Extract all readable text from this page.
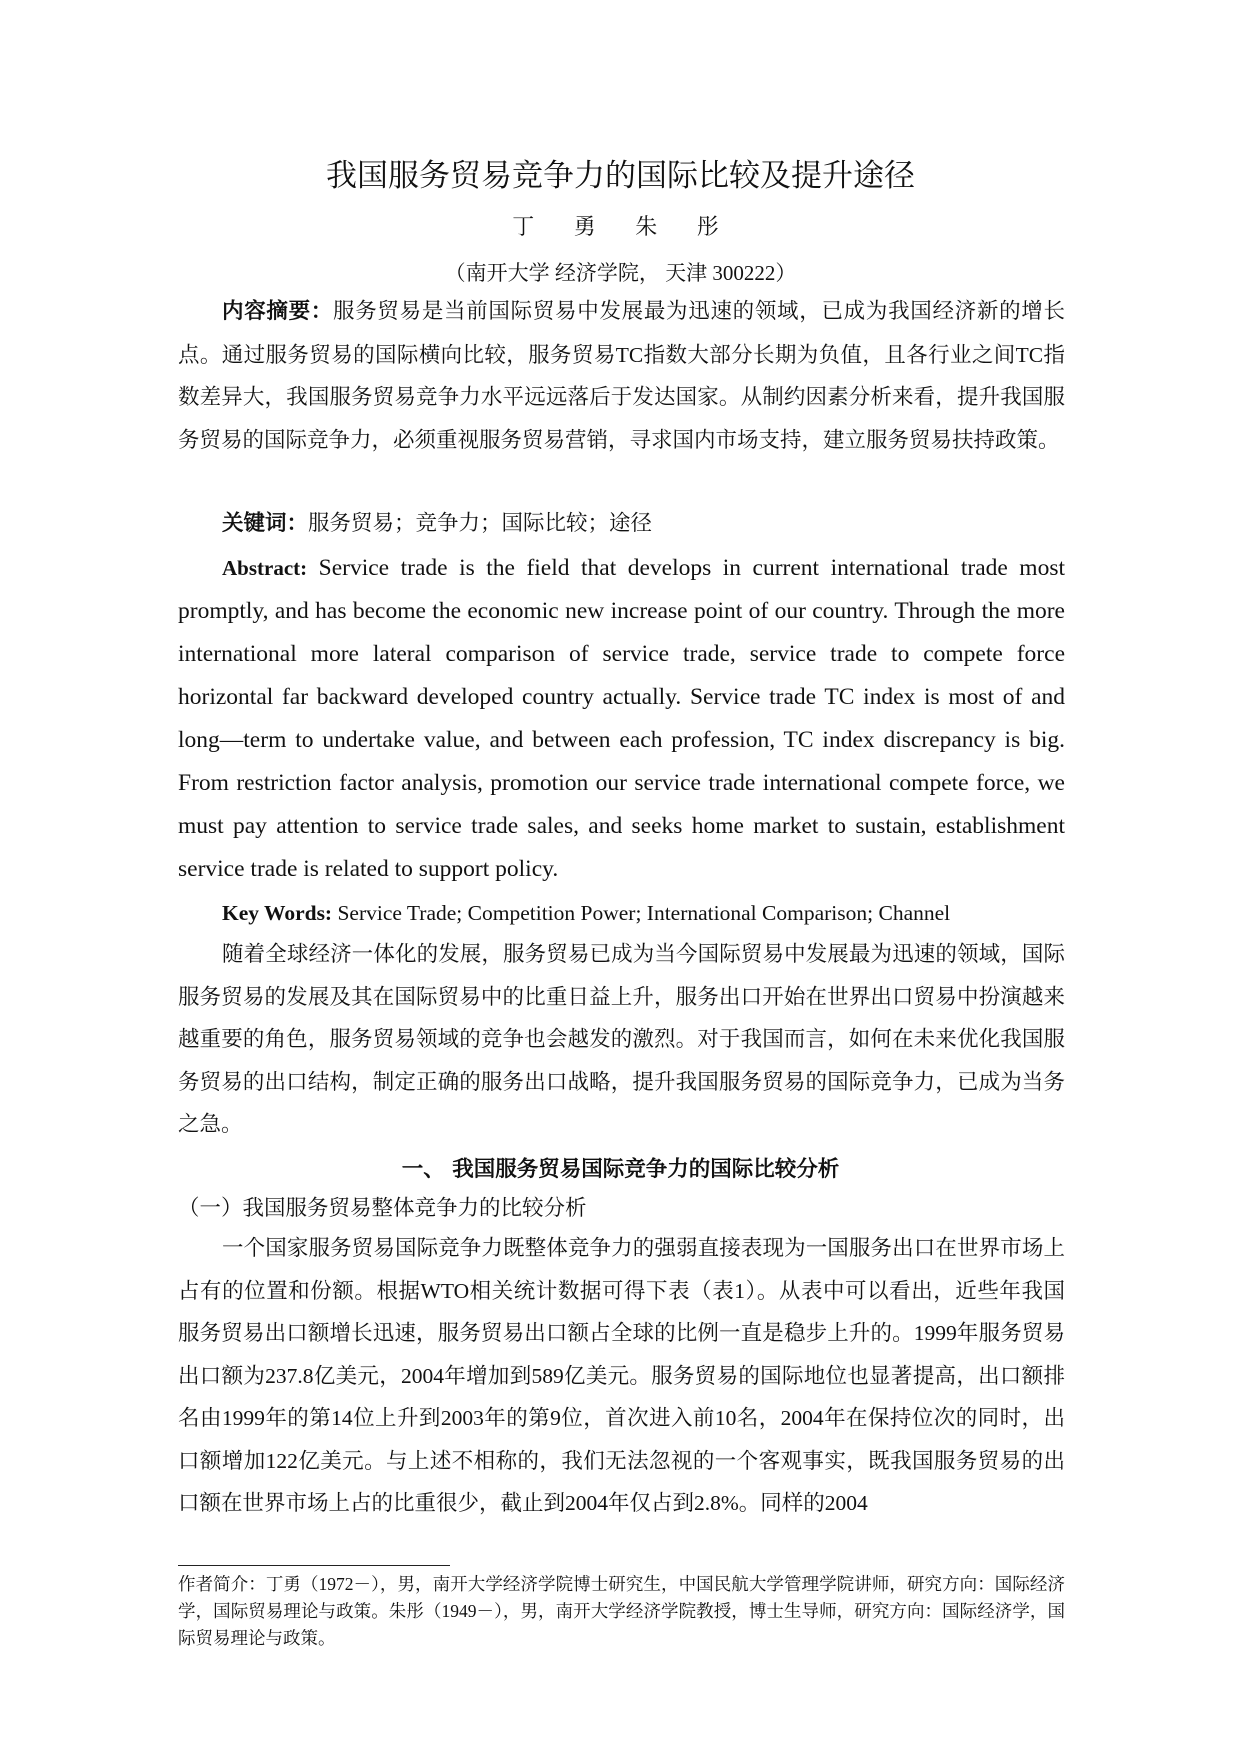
我国服务贸易竞争力的国际比较及提升途径
丁 勇 朱 彤
（南开大学 经济学院， 天津 300222）

内容摘要：服务贸易是当前国际贸易中发展最为迅速的领域，已成为我国经济新的增长点。通过服务贸易的国际横向比较，服务贸易TC指数大部分长期为负值，且各行业之间TC指数差异大，我国服务贸易竞争力水平远远落后于发达国家。从制约因素分析来看，提升我国服务贸易的国际竞争力，必须重视服务贸易营销，寻求国内市场支持，建立服务贸易扶持政策。

关键词：服务贸易；竞争力；国际比较；途径

Abstract: Service trade is the field that develops in current international trade most promptly, and has become the economic new increase point of our country. Through the more international more lateral comparison of service trade, service trade to compete force horizontal far backward developed country actually. Service trade TC index is most of and long—term to undertake value, and between each profession, TC index discrepancy is big. From restriction factor analysis, promotion our service trade international compete force, we must pay attention to service trade sales, and seeks home market to sustain, establishment service trade is related to support policy.

Key Words: Service Trade; Competition Power; International Comparison; Channel

随着全球经济一体化的发展，服务贸易已成为当今国际贸易中发展最为迅速的领域，国际服务贸易的发展及其在国际贸易中的比重日益上升，服务出口开始在世界出口贸易中扮演越来越重要的角色，服务贸易领域的竞争也会越发的激烈。对于我国而言，如何在未来优化我国服务贸易的出口结构，制定正确的服务出口战略，提升我国服务贸易的国际竞争力，已成为当务之急。

一、 我国服务贸易国际竞争力的国际比较分析
（一）我国服务贸易整体竞争力的比较分析

一个国家服务贸易国际竞争力既整体竞争力的强弱直接表现为一国服务出口在世界市场上占有的位置和份额。根据WTO相关统计数据可得下表（表1）。从表中可以看出，近些年我国服务贸易出口额增长迅速，服务贸易出口额占全球的比例一直是稳步上升的。1999年服务贸易出口额为237.8亿美元，2004年增加到589亿美元。服务贸易的国际地位也显著提高，出口额排名由1999年的第14位上升到2003年的第9位，首次进入前10名，2004年在保持位次的同时，出口额增加122亿美元。与上述不相称的，我们无法忽视的一个客观事实，既我国服务贸易的出口额在世界市场上占的比重很少，截止到2004年仅占到2.8%。同样的2004

作者简介：丁勇（1972－），男，南开大学经济学院博士研究生，中国民航大学管理学院讲师，研究方向：国际经济学，国际贸易理论与政策。朱彤（1949－），男，南开大学经济学院教授，博士生导师，研究方向：国际经济学，国际贸易理论与政策。
